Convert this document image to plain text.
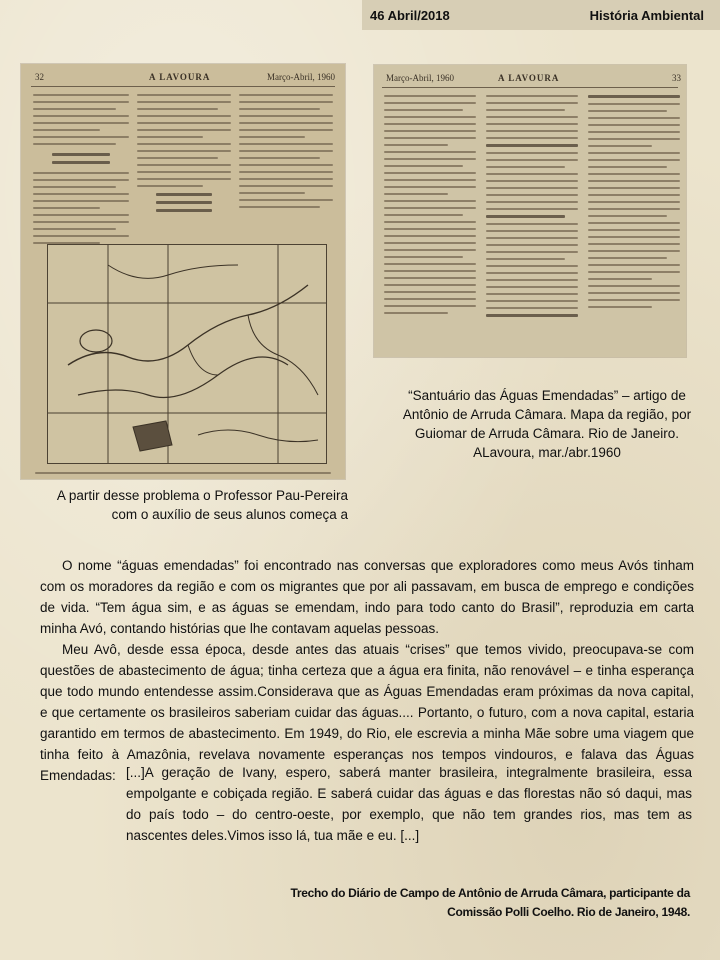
46 Abril/2018	História Ambiental
32	A LAVOURA	Março-Abril, 1960	Março-Abril, 1960	A LAVOURA	33
“Santuário das Águas Emendadas” – artigo de Antônio de Arruda Câmara. Mapa da região, por Guiomar de Arruda Câmara. Rio de Janeiro. ALavoura, mar./abr.1960
A partir desse problema o Professor Pau-Pereira com o auxílio de seus alunos começa a

O nome “águas emendadas” foi encontrado nas conversas que exploradores como meus Avós tinham com os moradores da região e com os migrantes que por ali passavam, em busca de emprego e condições de vida. “Tem água sim, e as águas se emendam, indo para todo canto do Brasil”, reproduzia em carta minha Avó, contando histórias que lhe contavam aquelas pessoas.

Meu Avô, desde essa época, desde antes das atuais “crises” que temos vivido, preocupava-se com questões de abastecimento de água; tinha certeza que a água era finita, não renovável – e tinha esperança que todo mundo entendesse assim.Considerava que as Águas Emendadas eram próximas da nova capital, e que certamente os brasileiros saberiam cuidar das águas.... Portanto, o futuro, com a nova capital, estaria garantido em termos de abastecimento. Em 1949, do Rio, ele escrevia a minha Mãe sobre uma viagem que tinha feito à Amazônia, revelava novamente esperanças nos tempos vindouros, e falava das Águas Emendadas: [...]A geração de Ivany, espero, saberá manter brasileira, integralmente brasileira, essa empolgante e cobiçada região. E saberá cuidar das águas e das florestas não só daqui, mas do país todo – do centro-oeste, por exemplo, que não tem grandes rios, mas tem as nascentes deles.Vimos isso lá, tua mãe e eu. [...]
Trecho do Diário de Campo de Antônio de Arruda Câmara, participante da
Comissão Polli Coelho. Rio de Janeiro, 1948.
